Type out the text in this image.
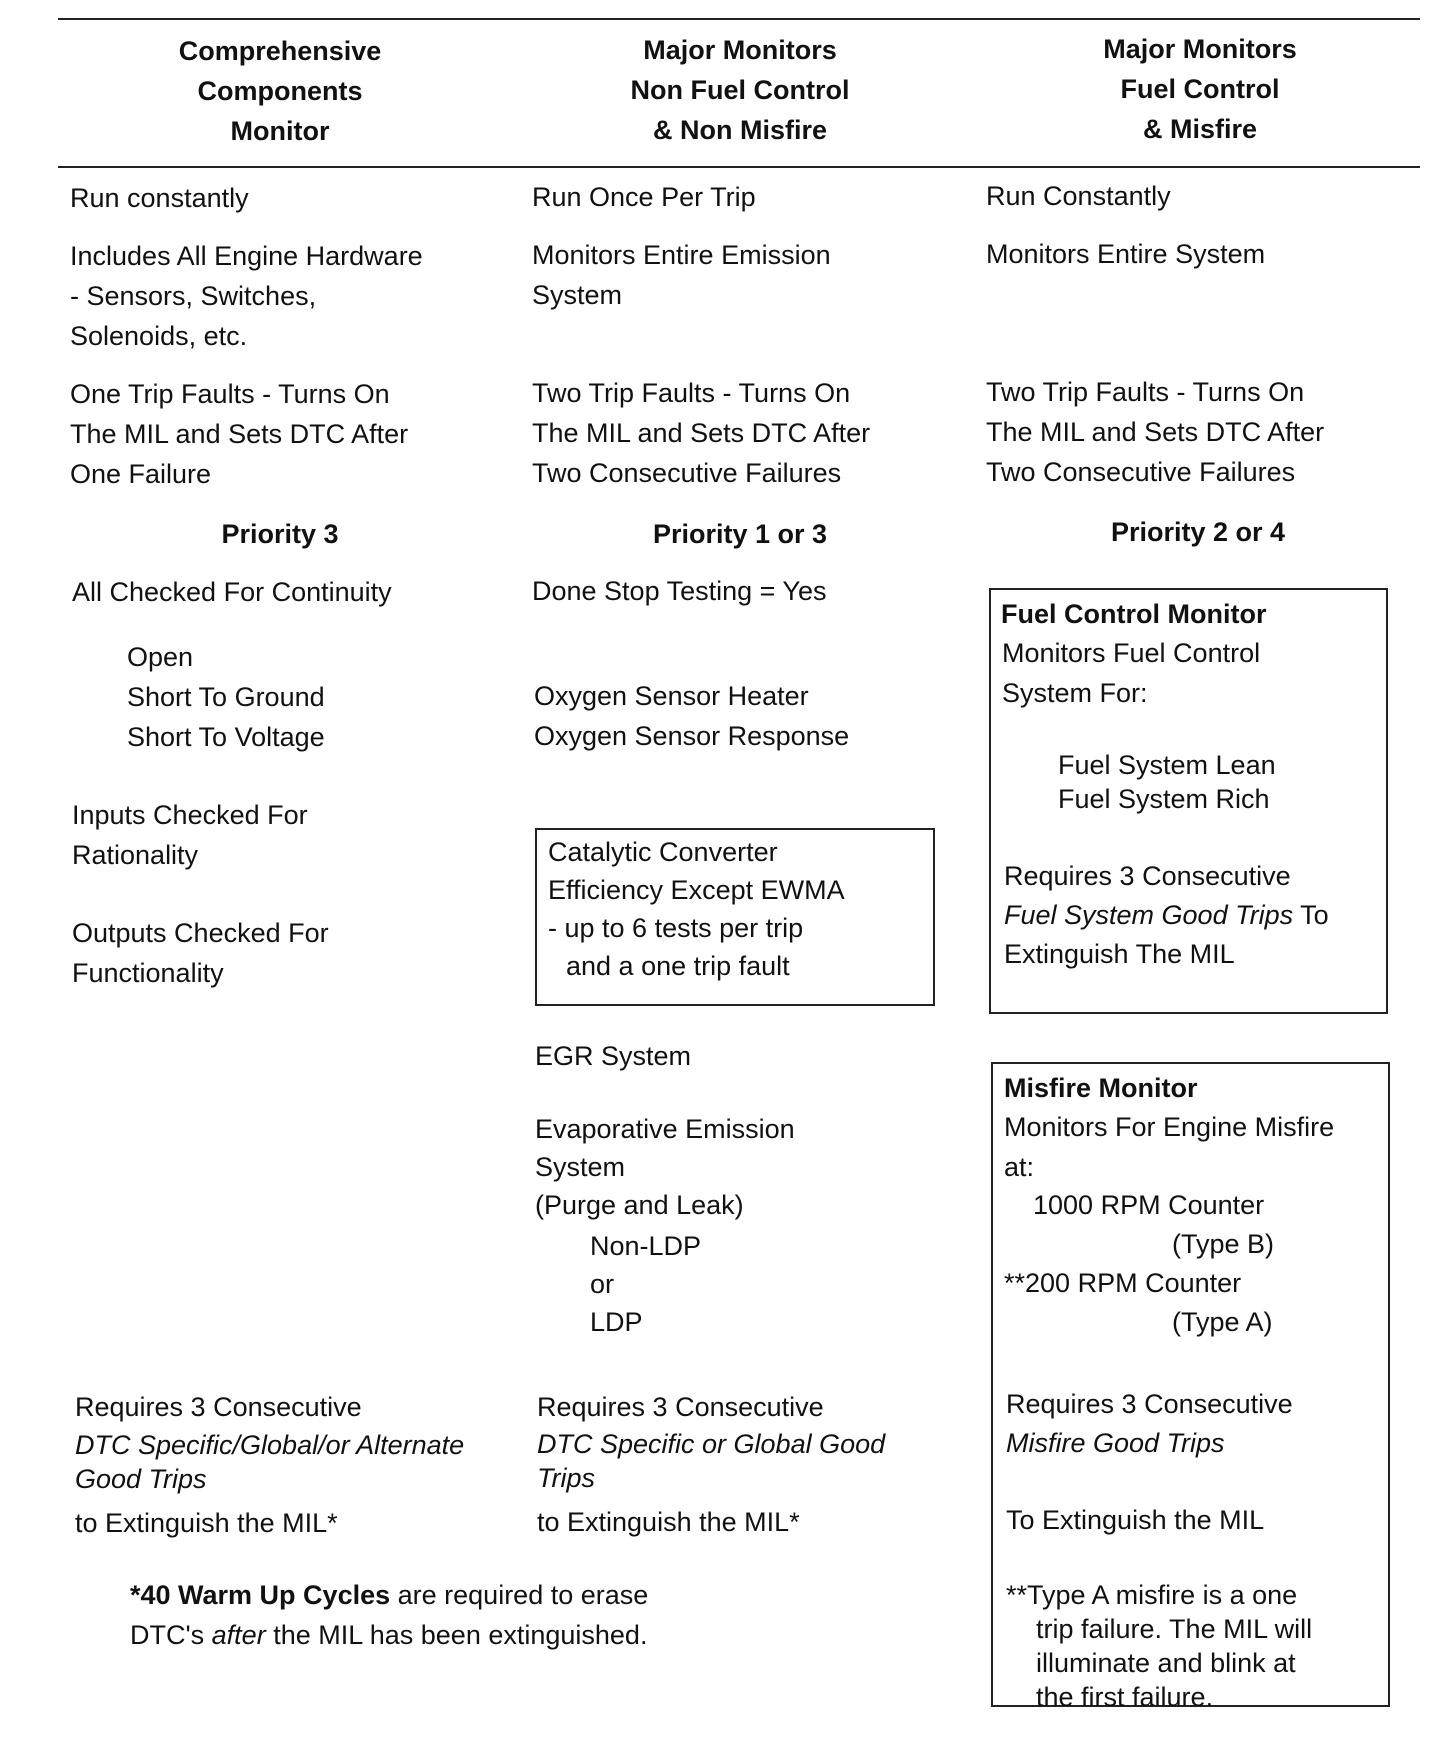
Comprehensive
Components
Monitor
Major Monitors
Non Fuel Control
& Non Misfire
Major Monitors
Fuel Control
& Misfire
Run constantly
Includes All Engine Hardware
- Sensors, Switches,
Solenoids, etc.
One Trip Faults - Turns On
The MIL and Sets DTC After
One Failure
Priority 3
All Checked For Continuity
Open
Short To Ground
Short To Voltage
Inputs Checked For
Rationality
Outputs Checked For
Functionality
Requires 3 Consecutive
DTC Specific/Global/or Alternate
Good Trips
to Extinguish the MIL*
Run Once Per Trip
Monitors Entire Emission
System
Two Trip Faults - Turns On
The MIL and Sets DTC After
Two Consecutive Failures
Priority 1 or 3
Done Stop Testing = Yes
Oxygen Sensor Heater
Oxygen Sensor Response
Catalytic Converter
Efficiency Except EWMA
- up to 6 tests per trip
and a one trip fault
EGR System
Evaporative Emission
System
(Purge and Leak)
Non-LDP
or
LDP
Requires 3 Consecutive
DTC Specific or Global Good
Trips
to Extinguish the MIL*
Run Constantly
Monitors Entire System
Two Trip Faults - Turns On
The MIL and Sets DTC After
Two Consecutive Failures
Priority 2 or 4
Fuel Control Monitor
Monitors Fuel Control
System For:
Fuel System Lean
Fuel System Rich
Requires 3 Consecutive
Fuel System Good Trips To
Extinguish The MIL
Misfire Monitor
Monitors For Engine Misfire
at:
1000 RPM Counter
(Type B)
**200 RPM Counter
(Type A)
Requires 3 Consecutive
Misfire Good Trips
To Extinguish the MIL
**Type A misfire is a one
trip failure. The MIL will
illuminate and blink at
the first failure.
*40 Warm Up Cycles are required to erase
DTC's after the MIL has been extinguished.
